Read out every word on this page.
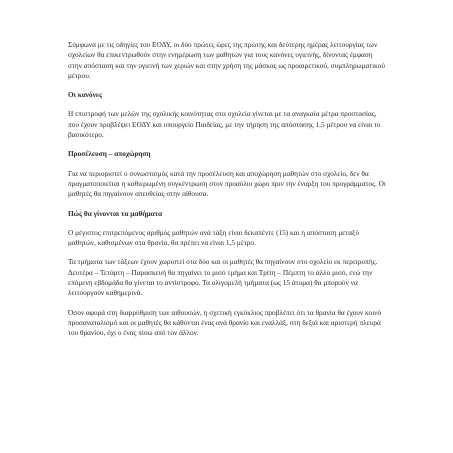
Σύμφωνα με τις οδηγίες του ΕΟΔΥ, οι δύο πρώτες ώρες της πρώτης και δεύτερης ημέρας λειτουργίας των σχολείων θα επικεντρωθούν στην ενημέρωση των μαθητών για τους κανόνες υγιεινής, δίνοντας έμφαση στην απόσταση και την υγιεινή των χεριών και στην χρήση της μάσκας ως προαιρετικού, συμπληρωματικού μέτρου.

Οι κανόνες

Η επιστροφή των μελών της σχολικής κοινότητας στα σχολεία γίνεται με τα αναγκαία μέτρα προστασίας, που έχουν προβλέψει ΕΟΔΥ και υπουργείο Παιδείας, με την τήρηση της απόστασης 1,5 μέτρου να είναι το βασικότερο.

Προσέλευση – αποχώρηση

Για να περιοριστεί ο συνωστισμός κατά την προσέλευση και αποχώρηση μαθητών στο σχολείο, δεν θα πραγματοποιείται η καθιερωμένη συγκέντρωση στον προαύλιο χώρο πριν την έναρξη του προγράμματος. Οι μαθητές θα πηγαίνουν απευθείας στην αίθουσα.

Πώς θα γίνονται τα μαθήματα

Ο μέγιστος επιτρεπόμενος αριθμός μαθητών ανά τάξη είναι δεκαπέντε (15) και η απόσταση μεταξύ μαθητών, καθισμένων στα θρανία, θα πρέπει να είναι 1,5 μέτρο.

Τα τμήματα των τάξεων έχουν χωριστεί στα δύο και οι μαθητές θα πηγαίνουν στο σχολείο εκ περιτροπής. Δευτέρα – Τετάρτη – Παρασκευή θα πηγαίνει το μισό τμήμα και Τρίτη – Πέμπτη το άλλο μισό, ενώ την επόμενη εβδομάδα θα γίνεται το αντίστροφο. Τα ολιγομελή τμήματα (ως 15 άτομα) θα μπορούν να λειτουργούν καθημερινά.

Όσον αφορά στη διαρρύθμιση των αιθουσών, η σχετική εγκύκλιος προβλέπει ότι τα θρανία θα έχουν κοινό προσανατολισμό και οι μαθητές θα κάθονται ένας ανά θρανίο και εναλλάξ, στη δεξιά και αριστερή πλευρά του θρανίου, όχι ο ένας πίσω από τον άλλον.
